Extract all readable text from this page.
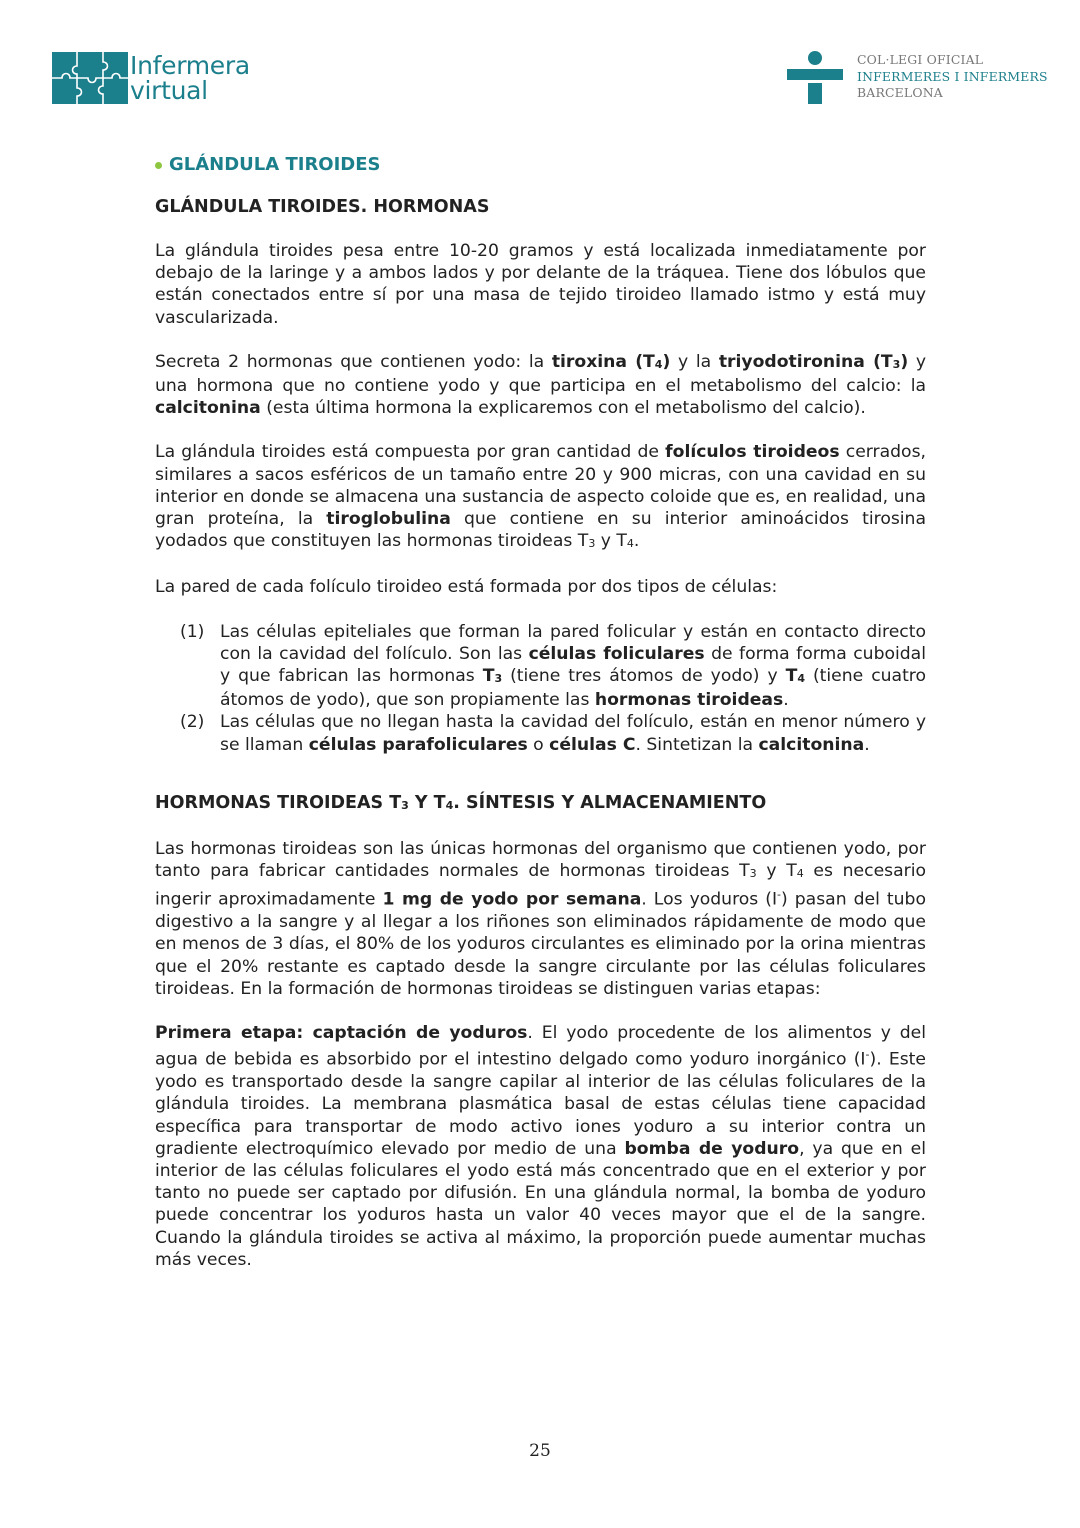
Infermera
virtual
COL·LEGI OFICIAL
INFERMERES I INFERMERS
BARCELONA
GLÁNDULA TIROIDES
GLÁNDULA TIROIDES. HORMONAS

La glándula tiroides pesa entre 10-20 gramos y está localizada inmediatamente por debajo de la laringe y a ambos lados y por delante de la tráquea. Tiene dos lóbulos que están conectados entre sí por una masa de tejido tiroideo llamado istmo y está muy vascularizada.

Secreta 2 hormonas que contienen yodo: la tiroxina $(T_4)$ y la triyodotironina $(T_3)$ y una hormona que no contiene yodo y que participa en el metabolismo del calcio: la calcitonina (esta última hormona la explicaremos con el metabolismo del calcio).

La glándula tiroides está compuesta por gran cantidad de folículos tiroideos cerrados, similares a sacos esféricos de un tamaño entre 20 y 900 micras, con una cavidad en su interior en donde se almacena una sustancia de aspecto coloide que es, en realidad, una gran proteína, la tiroglobulina que contiene en su interior aminoácidos tirosina yodados que constituyen las hormonas tiroideas $T_3$ y $T_4$.

La pared de cada folículo tiroideo está formada por dos tipos de células:

(1) Las células epiteliales que forman la pared folicular y están en contacto directo con la cavidad del folículo. Son las células foliculares de forma forma cuboidal y que fabrican las hormonas $T_3$ (tiene tres átomos de yodo) y $T_4$ (tiene cuatro átomos de yodo), que son propiamente las hormonas tiroideas.
(2) Las células que no llegan hasta la cavidad del folículo, están en menor número y se llaman células parafoliculares o células C. Sintetizan la calcitonina.
HORMONAS TIROIDEAS $T_3$ Y $T_4$. SÍNTESIS Y ALMACENAMIENTO

Las hormonas tiroideas son las únicas hormonas del organismo que contienen yodo, por tanto para fabricar cantidades normales de hormonas tiroideas $T_3$ y $T_4$ es necesario ingerir aproximadamente 1 mg de yodo por semana. Los yoduros (I-) pasan del tubo digestivo a la sangre y al llegar a los riñones son eliminados rápidamente de modo que en menos de 3 días, el 80% de los yoduros circulantes es eliminado por la orina mientras que el 20% restante es captado desde la sangre circulante por las células foliculares tiroideas. En la formación de hormonas tiroideas se distinguen varias etapas:

Primera etapa: captación de yoduros. El yodo procedente de los alimentos y del agua de bebida es absorbido por el intestino delgado como yoduro inorgánico (I-). Este yodo es transportado desde la sangre capilar al interior de las células foliculares de la glándula tiroides. La membrana plasmática basal de estas células tiene capacidad específica para transportar de modo activo iones yoduro a su interior contra un gradiente electroquímico elevado por medio de una bomba de yoduro, ya que en el interior de las células foliculares el yodo está más concentrado que en el exterior y por tanto no puede ser captado por difusión. En una glándula normal, la bomba de yoduro puede concentrar los yoduros hasta un valor 40 veces mayor que el de la sangre. Cuando la glándula tiroides se activa al máximo, la proporción puede aumentar muchas más veces.

25
